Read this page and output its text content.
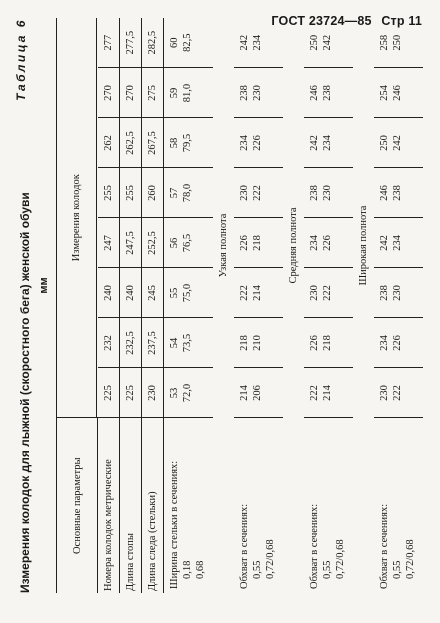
ГОСТ 23724—85 Стр 11
Измерения колодок для лыжной (скоростного бега) женской обуви
Таблица 6
мм
Основные параметры	Измерения колодок							

Номера колодок метрические	225	232	240	247	255	262	270	277
Длина стопы	225	232,5	240	247,5	255	262,5	270	277,5
Длина следа (стельки)	230	237,5	245	252,5	260	267,5	275	282,5

Ширина стельки в сечениях: 0,18 0,68	53 72,0	54 73,5	55 75,0	56 76,5	57 78,0	58 79,5	59 81,0	60 82,5

Узкая полнота								

Обхват в сечениях: 0,55 0,72/0,68	214 206	218 210	222 214	226 218	230 222	234 226	238 230	242 234

Средняя полнота								

Обхват в сечениях: 0,55 0,72/0,68	222 214	226 218	230 222	234 226	238 230	242 234	246 238	250 242

Широкая полнота								

Обхват в сечениях: 0,55 0,72/0,68	230 222	234 226	238 230	242 234	246 238	250 242	254 246	258 250
